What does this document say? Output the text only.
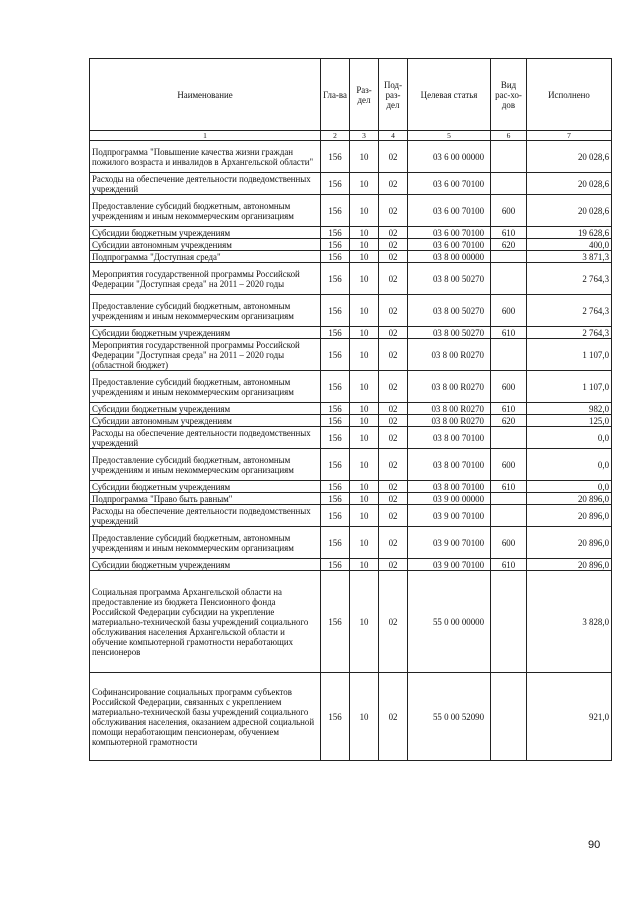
Наименование	Гла-ва	Раз-дел	Под-раз-дел	Целевая статья	Вид рас-хо-дов	Исполнено
1	2	3	4	5	6	7
Подпрограмма "Повышение качества жизни граждан пожилого возраста и инвалидов в Архангельской области"	156	10	02	03 6 00 00000		20 028,6
Расходы на обеспечение деятельности подведомственных учреждений	156	10	02	03 6 00 70100		20 028,6
Предоставление субсидий бюджетным, автономным учреждениям и иным некоммерческим организациям	156	10	02	03 6 00 70100	600	20 028,6
Субсидии бюджетным учреждениям	156	10	02	03 6 00 70100	610	19 628,6
Субсидии автономным учреждениям	156	10	02	03 6 00 70100	620	400,0
Подпрограмма "Доступная среда"	156	10	02	03 8 00 00000		3 871,3
Мероприятия государственной программы Российской Федерации "Доступная среда" на 2011 – 2020 годы	156	10	02	03 8 00 50270		2 764,3
Предоставление субсидий бюджетным, автономным учреждениям и иным некоммерческим организациям	156	10	02	03 8 00 50270	600	2 764,3
Субсидии бюджетным учреждениям	156	10	02	03 8 00 50270	610	2 764,3
Мероприятия государственной программы Российской Федерации "Доступная среда" на 2011 – 2020 годы (областной бюджет)	156	10	02	03 8 00 R0270		1 107,0
Предоставление субсидий бюджетным, автономным учреждениям и иным некоммерческим организациям	156	10	02	03 8 00 R0270	600	1 107,0
Субсидии бюджетным учреждениям	156	10	02	03 8 00 R0270	610	982,0
Субсидии автономным учреждениям	156	10	02	03 8 00 R0270	620	125,0
Расходы на обеспечение деятельности подведомственных учреждений	156	10	02	03 8 00 70100		0,0
Предоставление субсидий бюджетным, автономным учреждениям и иным некоммерческим организациям	156	10	02	03 8 00 70100	600	0,0
Субсидии бюджетным учреждениям	156	10	02	03 8 00 70100	610	0,0
Подпрограмма "Право быть равным"	156	10	02	03 9 00 00000		20 896,0
Расходы на обеспечение деятельности подведомственных учреждений	156	10	02	03 9 00 70100		20 896,0
Предоставление субсидий бюджетным, автономным учреждениям и иным некоммерческим организациям	156	10	02	03 9 00 70100	600	20 896,0
Субсидии бюджетным учреждениям	156	10	02	03 9 00 70100	610	20 896,0
Социальная программа Архангельской области на предоставление из бюджета Пенсионного фонда Российской Федерации субсидии на укрепление материально-технической базы учреждений социального обслуживания населения Архангельской области и обучение компьютерной грамотности неработающих пенсионеров	156	10	02	55 0 00 00000		3 828,0
Софинансирование социальных программ субъектов Российской Федерации, связанных с укреплением материально-технической базы учреждений социального обслуживания населения, оказанием адресной социальной помощи неработающим пенсионерам, обучением компьютерной грамотности	156	10	02	55 0 00 52090		921,0
90
